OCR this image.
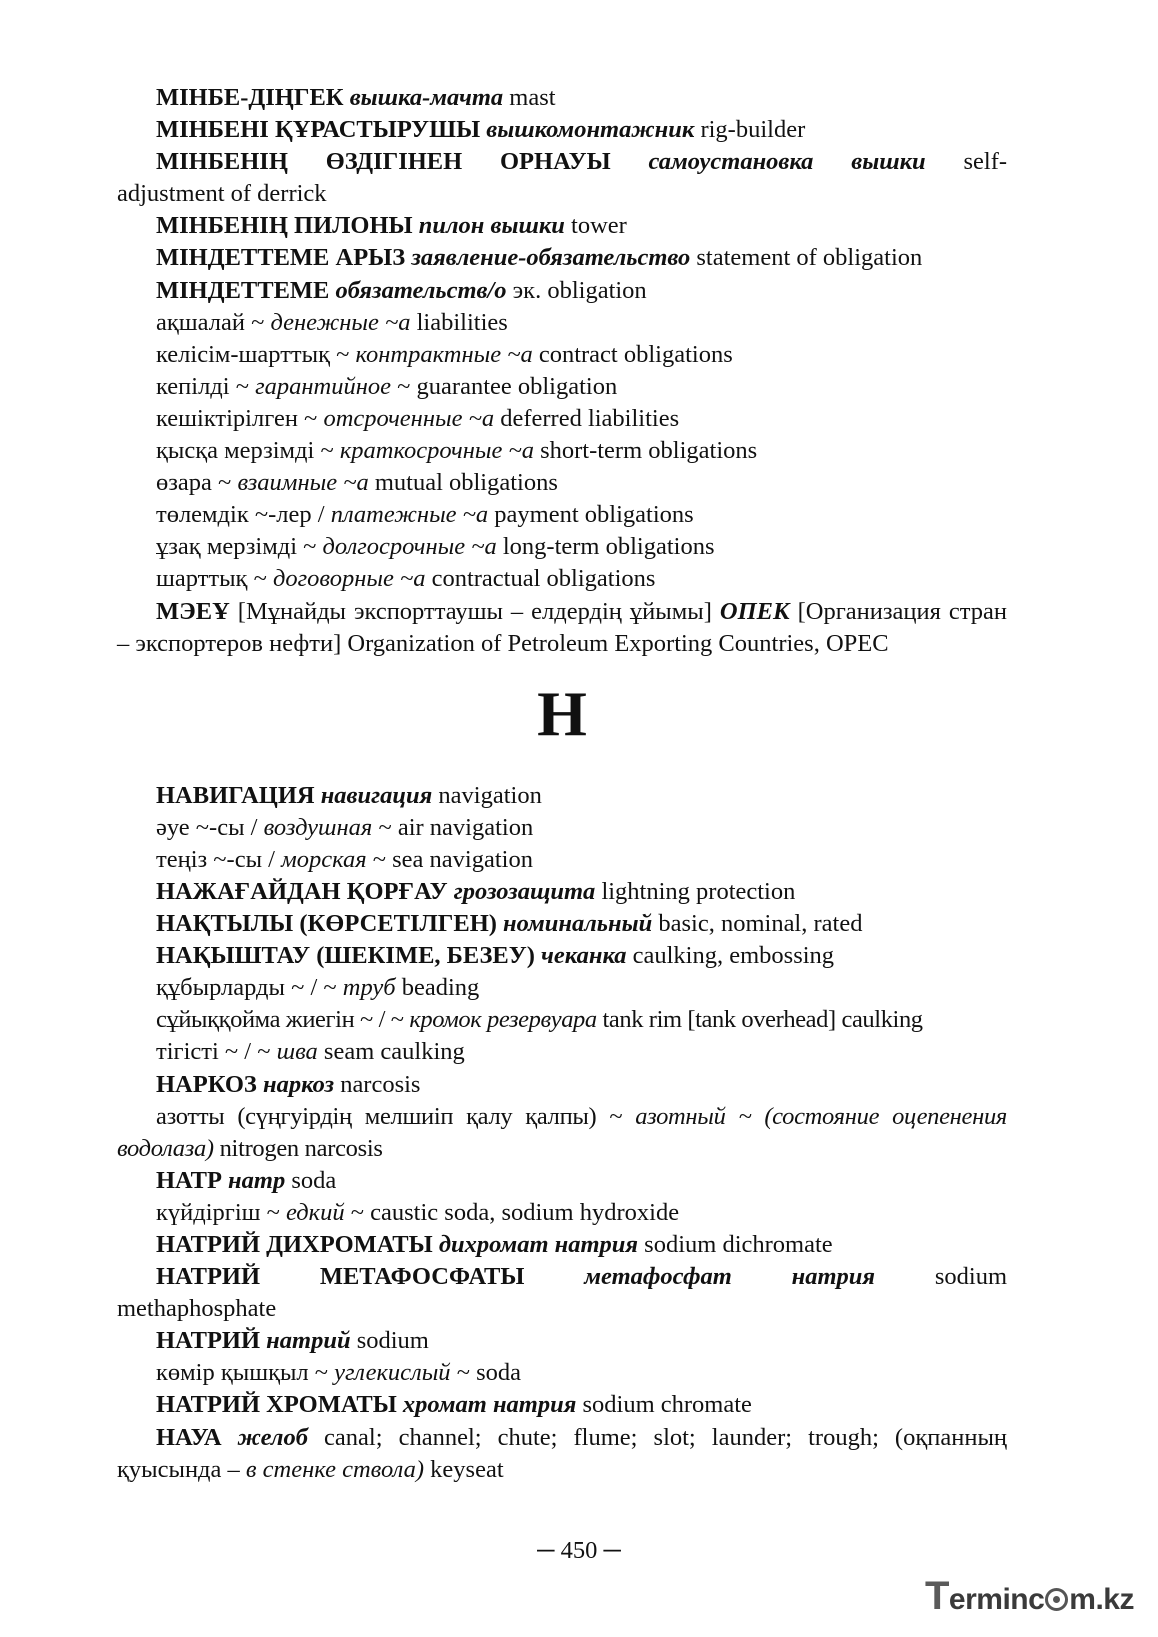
МІНБЕ-ДІҢГЕК вышка-мачта mast

МІНБЕНІ ҚҰРАСТЫРУШЫ вышкомонтажник rig-builder

МІНБЕНІҢ ӨЗДІГІНЕН ОРНАУЫ самоустановка вышки self-adjustment of derrick

МІНБЕНІҢ ПИЛОНЫ пилон вышки tower

МІНДЕТТЕМЕ АРЫЗ заявление-обязательство statement of obligation

МІНДЕТТЕМЕ обязательств/о эк. obligation

ақшалай ~ денежные ~а liabilities

келісім-шарттық ~ контрактные ~а contract obligations

кепілді ~ гарантийное ~ guarantee obligation

кешіктірілген ~ отсроченные ~а deferred liabilities

қысқа мерзімді ~ краткосрочные ~а short-term obligations

өзара ~ взаимные ~а mutual obligations

төлемдік ~-лер / платежные ~а payment obligations

ұзақ мерзімді ~ долгосрочные ~а long-term obligations

шарттық ~ договорные ~а contractual obligations

МЭЕҰ [Мұнайды экспорттаушы – елдердің ұйымы] ОПЕК [Организация стран – экспортеров нефти] Organization of Petroleum Exporting Countries, OPEC

Н

НАВИГАЦИЯ навигация navigation

әуе ~-сы / воздушная ~ air navigation

теңіз ~-сы / морская ~ sea navigation

НАЖАҒАЙДАН ҚОРҒАУ грозозащита lightning protection

НАҚТЫЛЫ (КӨРСЕТІЛГЕН) номинальный basic, nominal, rated

НАҚЫШТАУ (ШЕКІМЕ, БЕЗЕУ) чеканка caulking, embossing

құбырларды ~ / ~ труб beading

сұйыққойма жиегін ~ / ~ кромок резервуара tank rim [tank overhead] caulking

тігісті ~ / ~ шва seam caulking

НАРКОЗ наркоз narcosis

азотты (сүңгуірдің мелшиіп қалу қалпы) ~ азотный ~ (состояние оцепенения водолаза) nitrogen narcosis

НАТР натр soda

күйдіргіш ~ едкий ~ caustic soda, sodium hydroxide

НАТРИЙ ДИХРОМАТЫ дихромат натрия sodium dichromate

НАТРИЙ МЕТАФОСФАТЫ метафосфат натрия sodium methaphosphate

НАТРИЙ натрий sodium

көмір қышқыл ~ углекислый ~ soda

НАТРИЙ ХРОМАТЫ хромат натрия sodium chromate

НАУА желоб canal; channel; chute; flume; slot; launder; trough; (оқпанның қуысында – в стенке ствола) keyseat

─ 450 ─
Terminc m.kz
